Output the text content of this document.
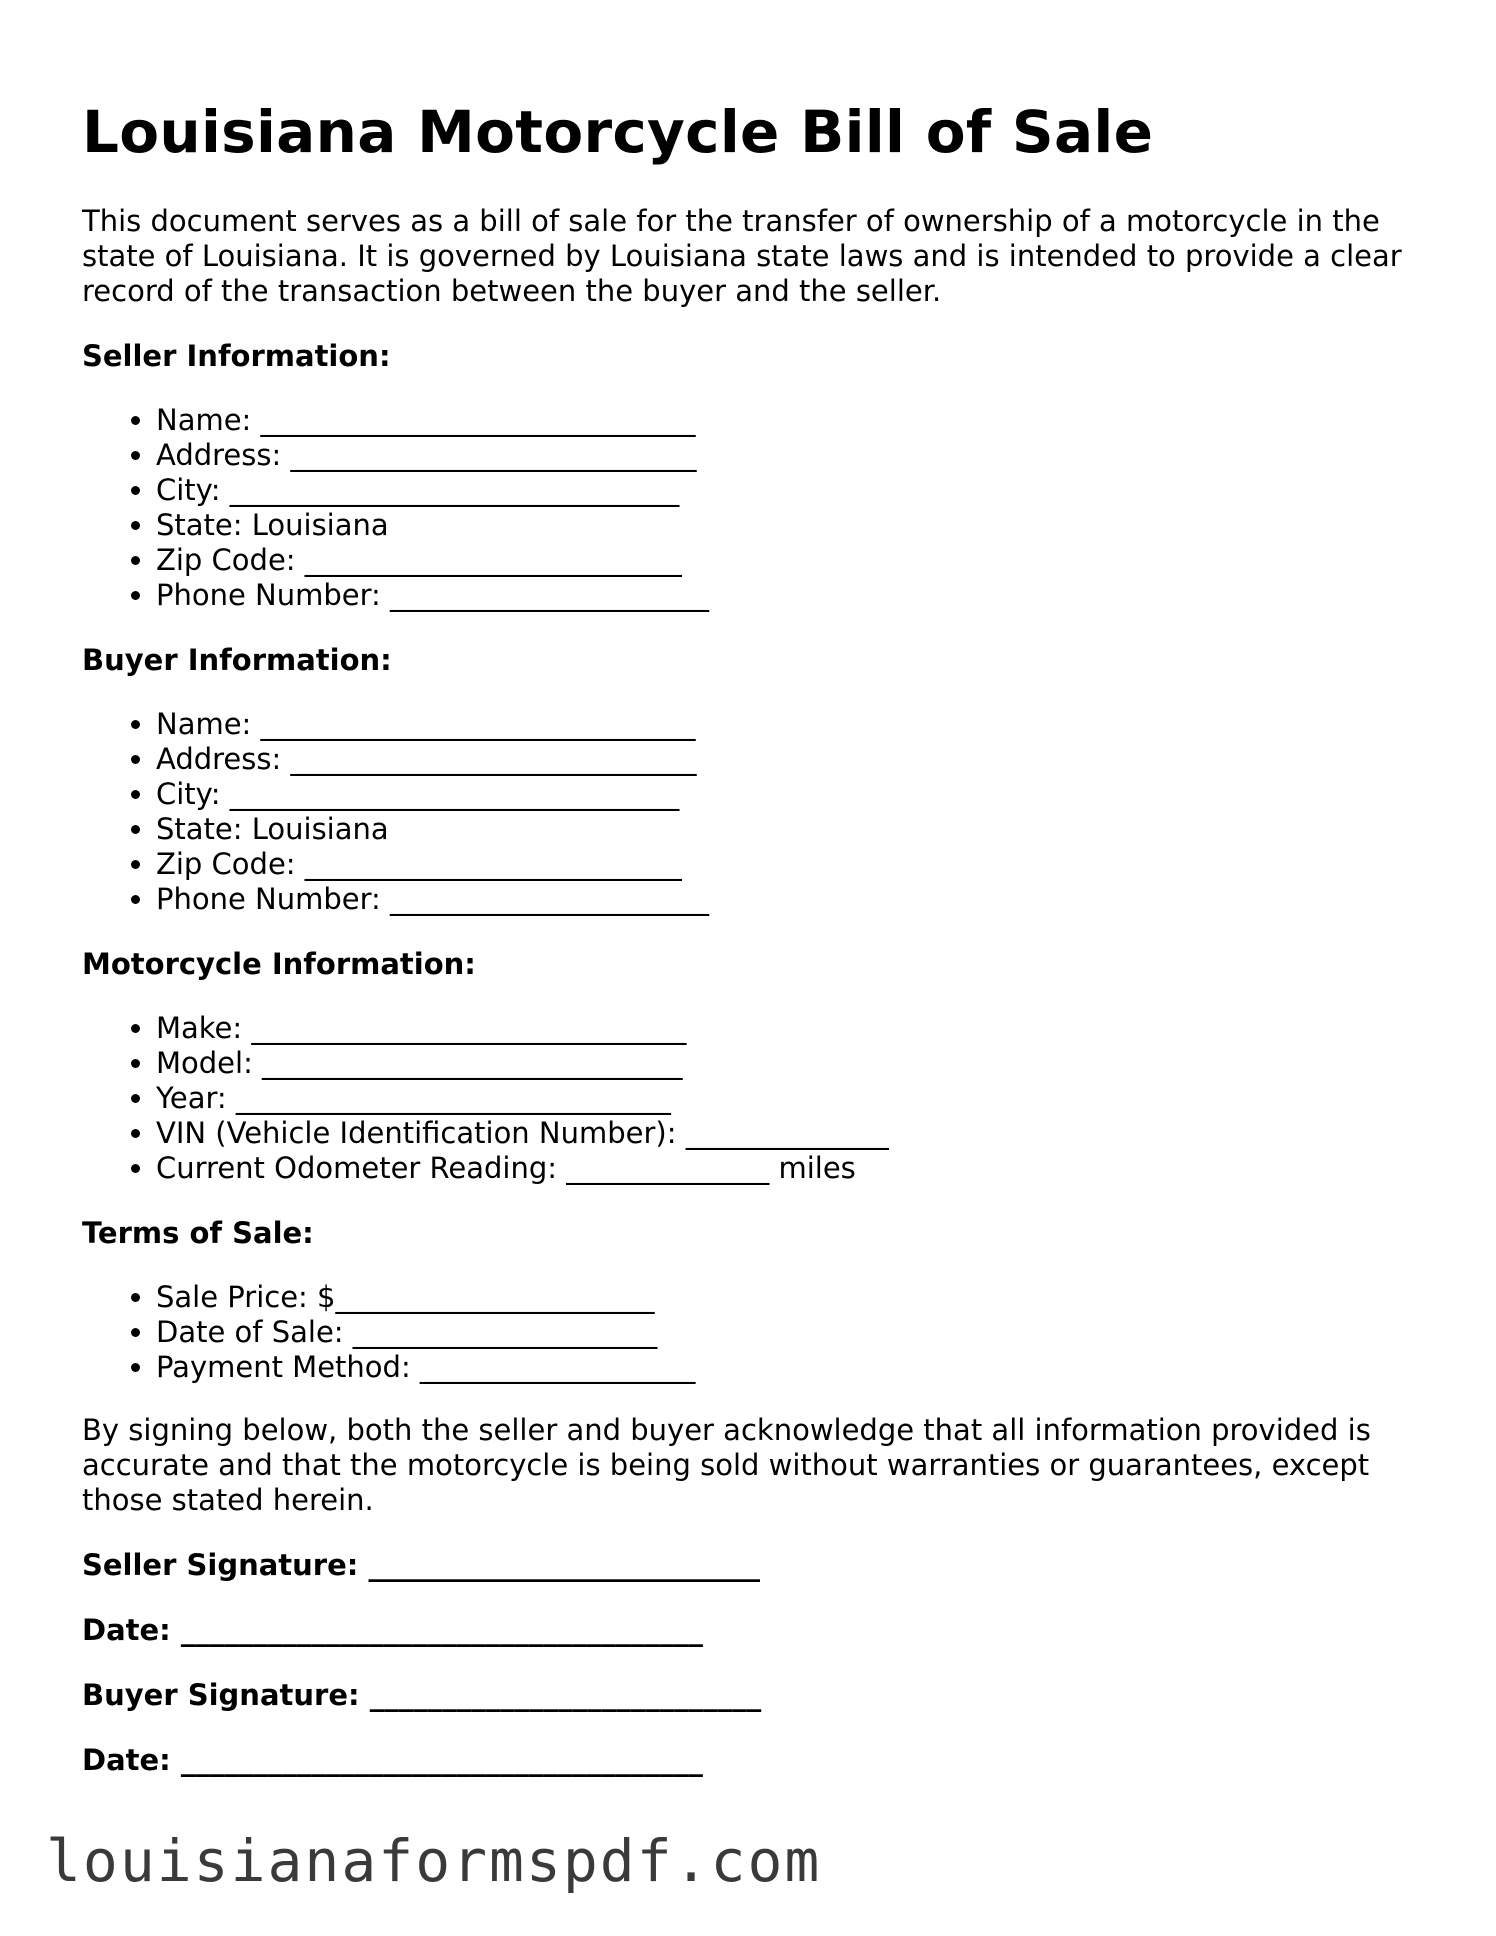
Louisiana Motorcycle Bill of Sale

This document serves as a bill of sale for the transfer of ownership of a motorcycle in the state of Louisiana. It is governed by Louisiana state laws and is intended to provide a clear record of the transaction between the buyer and the seller.

Seller Information:
• Name: ______________________________
• Address: ____________________________
• City: _______________________________
• State: Louisiana
• Zip Code: __________________________
• Phone Number: ______________________
Buyer Information:
• Name: ______________________________
• Address: ____________________________
• City: _______________________________
• State: Louisiana
• Zip Code: __________________________
• Phone Number: ______________________
Motorcycle Information:
• Make: ______________________________
• Model: _____________________________
• Year: ______________________________
• VIN (Vehicle Identification Number): ______________
• Current Odometer Reading: ______________ miles
Terms of Sale:
• Sale Price: $______________________
• Date of Sale: _____________________
• Payment Method: ___________________

By signing below, both the seller and buyer acknowledge that all information provided is accurate and that the motorcycle is being sold without warranties or guarantees, except those stated herein.

Seller Signature: ___________________________
Date: ____________________________________
Buyer Signature: ___________________________
Date: ____________________________________
louisianaformspdf.com
